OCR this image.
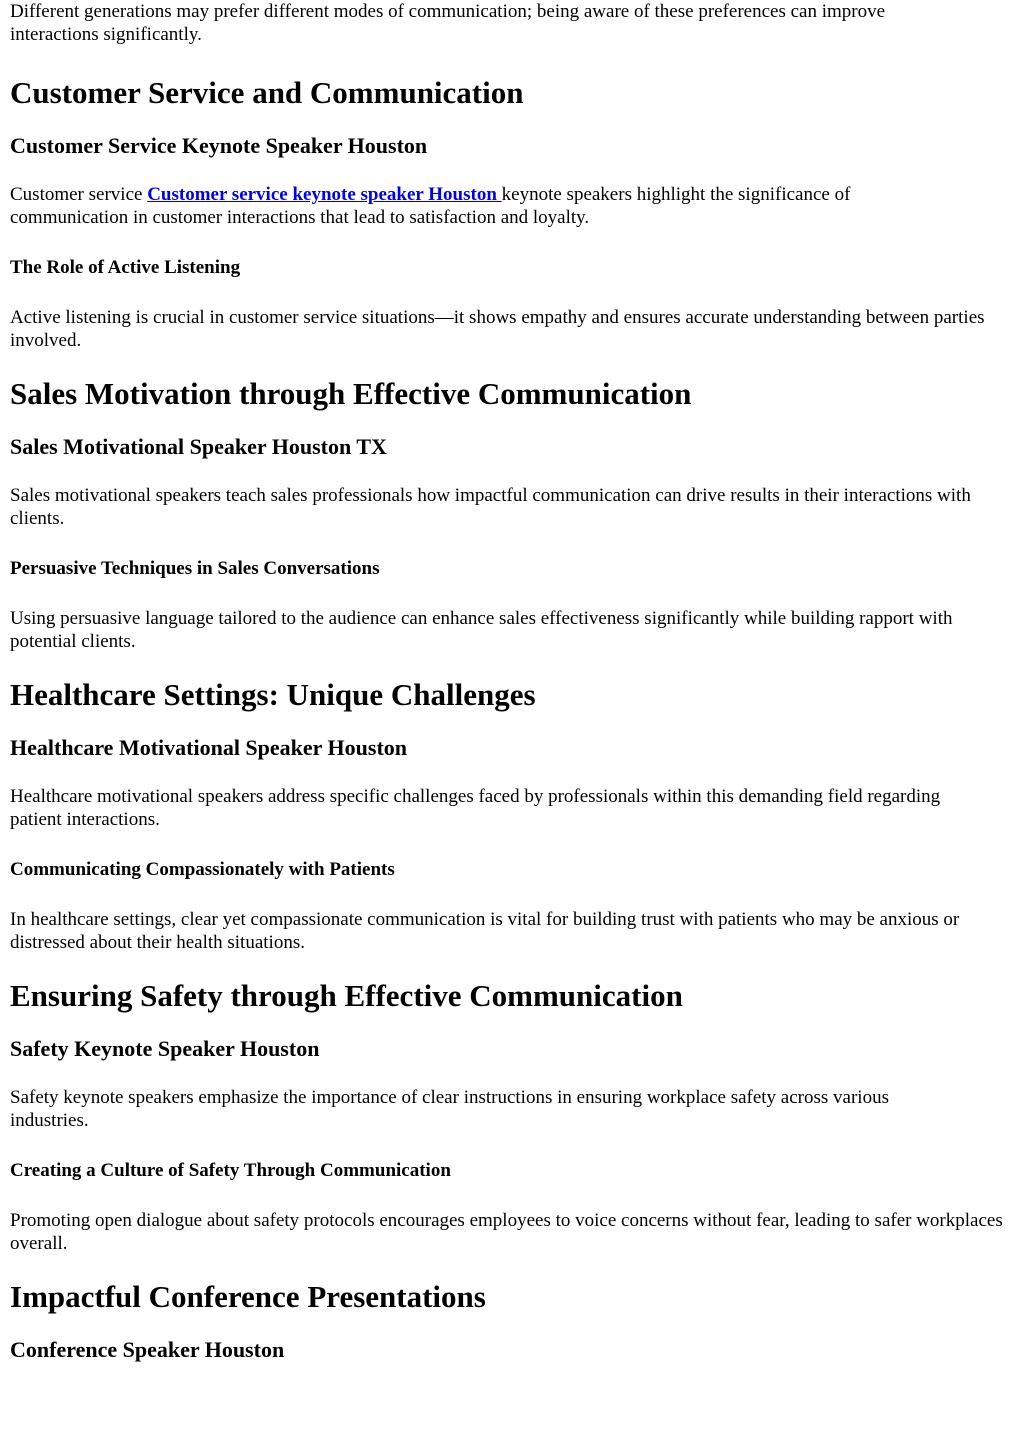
Different generations may prefer different modes of communication; being aware of these preferences can improve interactions significantly.

Customer Service and Communication
Customer Service Keynote Speaker Houston

Customer service Customer service keynote speaker Houston keynote speakers highlight the significance of communication in customer interactions that lead to satisfaction and loyalty.

The Role of Active Listening

Active listening is crucial in customer service situations—it shows empathy and ensures accurate understanding between parties involved.

Sales Motivation through Effective Communication
Sales Motivational Speaker Houston TX

Sales motivational speakers teach sales professionals how impactful communication can drive results in their interactions with clients.

Persuasive Techniques in Sales Conversations

Using persuasive language tailored to the audience can enhance sales effectiveness significantly while building rapport with potential clients.

Healthcare Settings: Unique Challenges
Healthcare Motivational Speaker Houston

Healthcare motivational speakers address specific challenges faced by professionals within this demanding field regarding patient interactions.

Communicating Compassionately with Patients

In healthcare settings, clear yet compassionate communication is vital for building trust with patients who may be anxious or distressed about their health situations.

Ensuring Safety through Effective Communication
Safety Keynote Speaker Houston

Safety keynote speakers emphasize the importance of clear instructions in ensuring workplace safety across various industries.

Creating a Culture of Safety Through Communication

Promoting open dialogue about safety protocols encourages employees to voice concerns without fear, leading to safer workplaces overall.

Impactful Conference Presentations
Conference Speaker Houston
